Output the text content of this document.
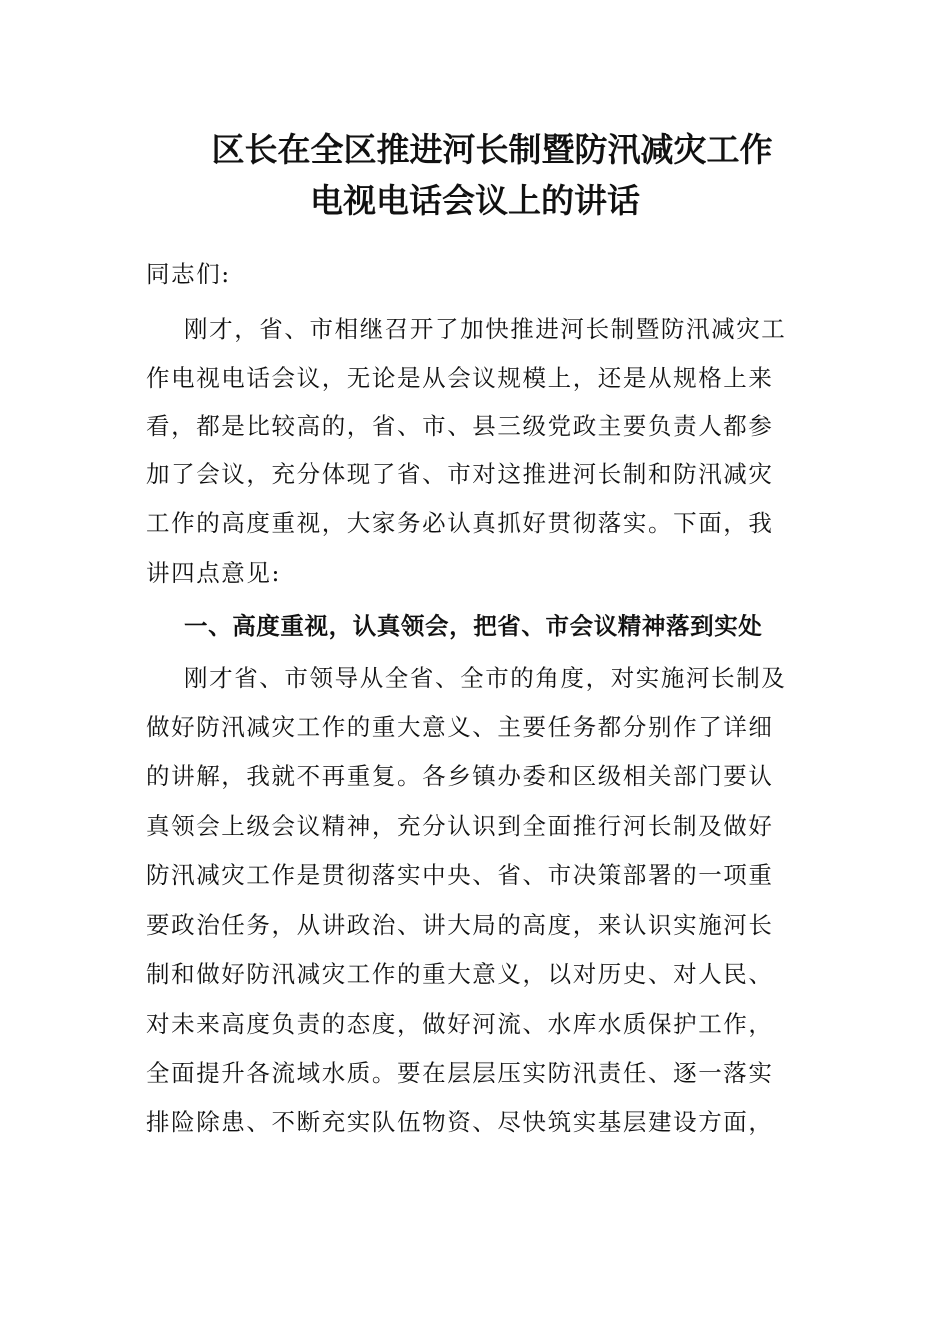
区长在全区推进河长制暨防汛减灾工作
电视电话会议上的讲话
同志们:
刚才，省、市相继召开了加快推进河长制暨防汛减灾工
作电视电话会议，无论是从会议规模上，还是从规格上来
看，都是比较高的，省、市、县三级党政主要负责人都参
加了会议，充分体现了省、市对这推进河长制和防汛减灾
工作的高度重视，大家务必认真抓好贯彻落实。下面，我
讲四点意见:
一、高度重视，认真领会，把省、市会议精神落到实处
刚才省、市领导从全省、全市的角度，对实施河长制及
做好防汛减灾工作的重大意义、主要任务都分别作了详细
的讲解，我就不再重复。各乡镇办委和区级相关部门要认
真领会上级会议精神，充分认识到全面推行河长制及做好
防汛减灾工作是贯彻落实中央、省、市决策部署的一项重
要政治任务，从讲政治、讲大局的高度，来认识实施河长
制和做好防汛减灾工作的重大意义，以对历史、对人民、
对未来高度负责的态度，做好河流、水库水质保护工作，
全面提升各流域水质。要在层层压实防汛责任、逐一落实
排险除患、不断充实队伍物资、尽快筑实基层建设方面，
